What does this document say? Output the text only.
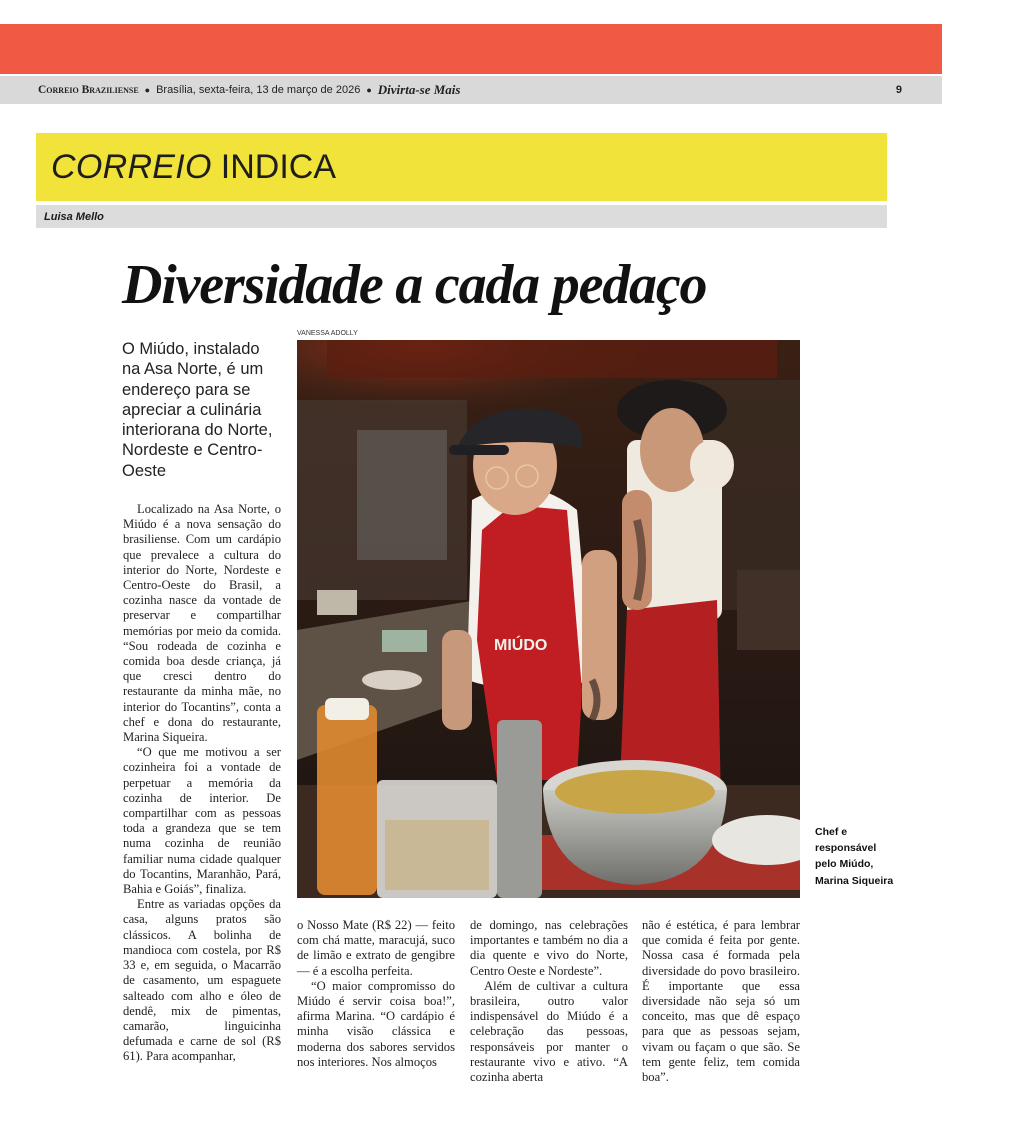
Correio Braziliense ● Brasília, sexta-feira, 13 de março de 2026 ● Divirta-se Mais	9
CORREIO INDICA
Luisa Mello
Diversidade a cada pedaço
O Miúdo, instalado na Asa Norte, é um endereço para se apreciar a culinária interiorana do Norte, Nordeste e Centro-Oeste
VANESSA ADOLLY
MIÚDO
Chef e responsável pelo Miúdo, Marina Siqueira

Localizado na Asa Norte, o Miúdo é a nova sensação do brasiliense. Com um cardápio que prevalece a cultura do interior do Norte, Nordeste e Centro-Oeste do Brasil, a cozinha nasce da vontade de preservar e compartilhar memórias por meio da comida. “Sou rodeada de cozinha e comida boa desde criança, já que cresci dentro do restaurante da minha mãe, no interior do Tocantins”, conta a chef e dona do restaurante, Marina Siqueira.

“O que me motivou a ser cozinheira foi a vontade de perpetuar a memória da cozinha de interior. De compartilhar com as pessoas toda a grandeza que se tem numa cozinha de reunião familiar numa cidade qualquer do Tocantins, Maranhão, Pará, Bahia e Goiás”, finaliza.

Entre as variadas opções da casa, alguns pratos são clássicos. A bolinha de mandioca com costela, por R$ 33 e, em seguida, o Macarrão de casamento, um espaguete salteado com alho e óleo de dendê, mix de pimentas, camarão, linguicinha defumada e carne de sol (R$ 61). Para acompanhar,

o Nosso Mate (R$ 22) — feito com chá matte, maracujá, suco de limão e extrato de gengibre — é a escolha perfeita.

“O maior compromisso do Miúdo é servir coisa boa!”, afirma Marina. “O cardápio é minha visão clássica e moderna dos sabores servidos nos interiores. Nos almoços

de domingo, nas celebrações importantes e também no dia a dia quente e vivo do Norte, Centro Oeste e Nordeste”.

Além de cultivar a cultura brasileira, outro valor indispensável do Miúdo é a celebração das pessoas, responsáveis por manter o restaurante vivo e ativo. “A cozinha aberta

não é estética, é para lembrar que comida é feita por gente. Nossa casa é formada pela diversidade do povo brasileiro. É importante que essa diversidade não seja só um conceito, mas que dê espaço para que as pessoas sejam, vivam ou façam o que são. Se tem gente feliz, tem comida boa”.
